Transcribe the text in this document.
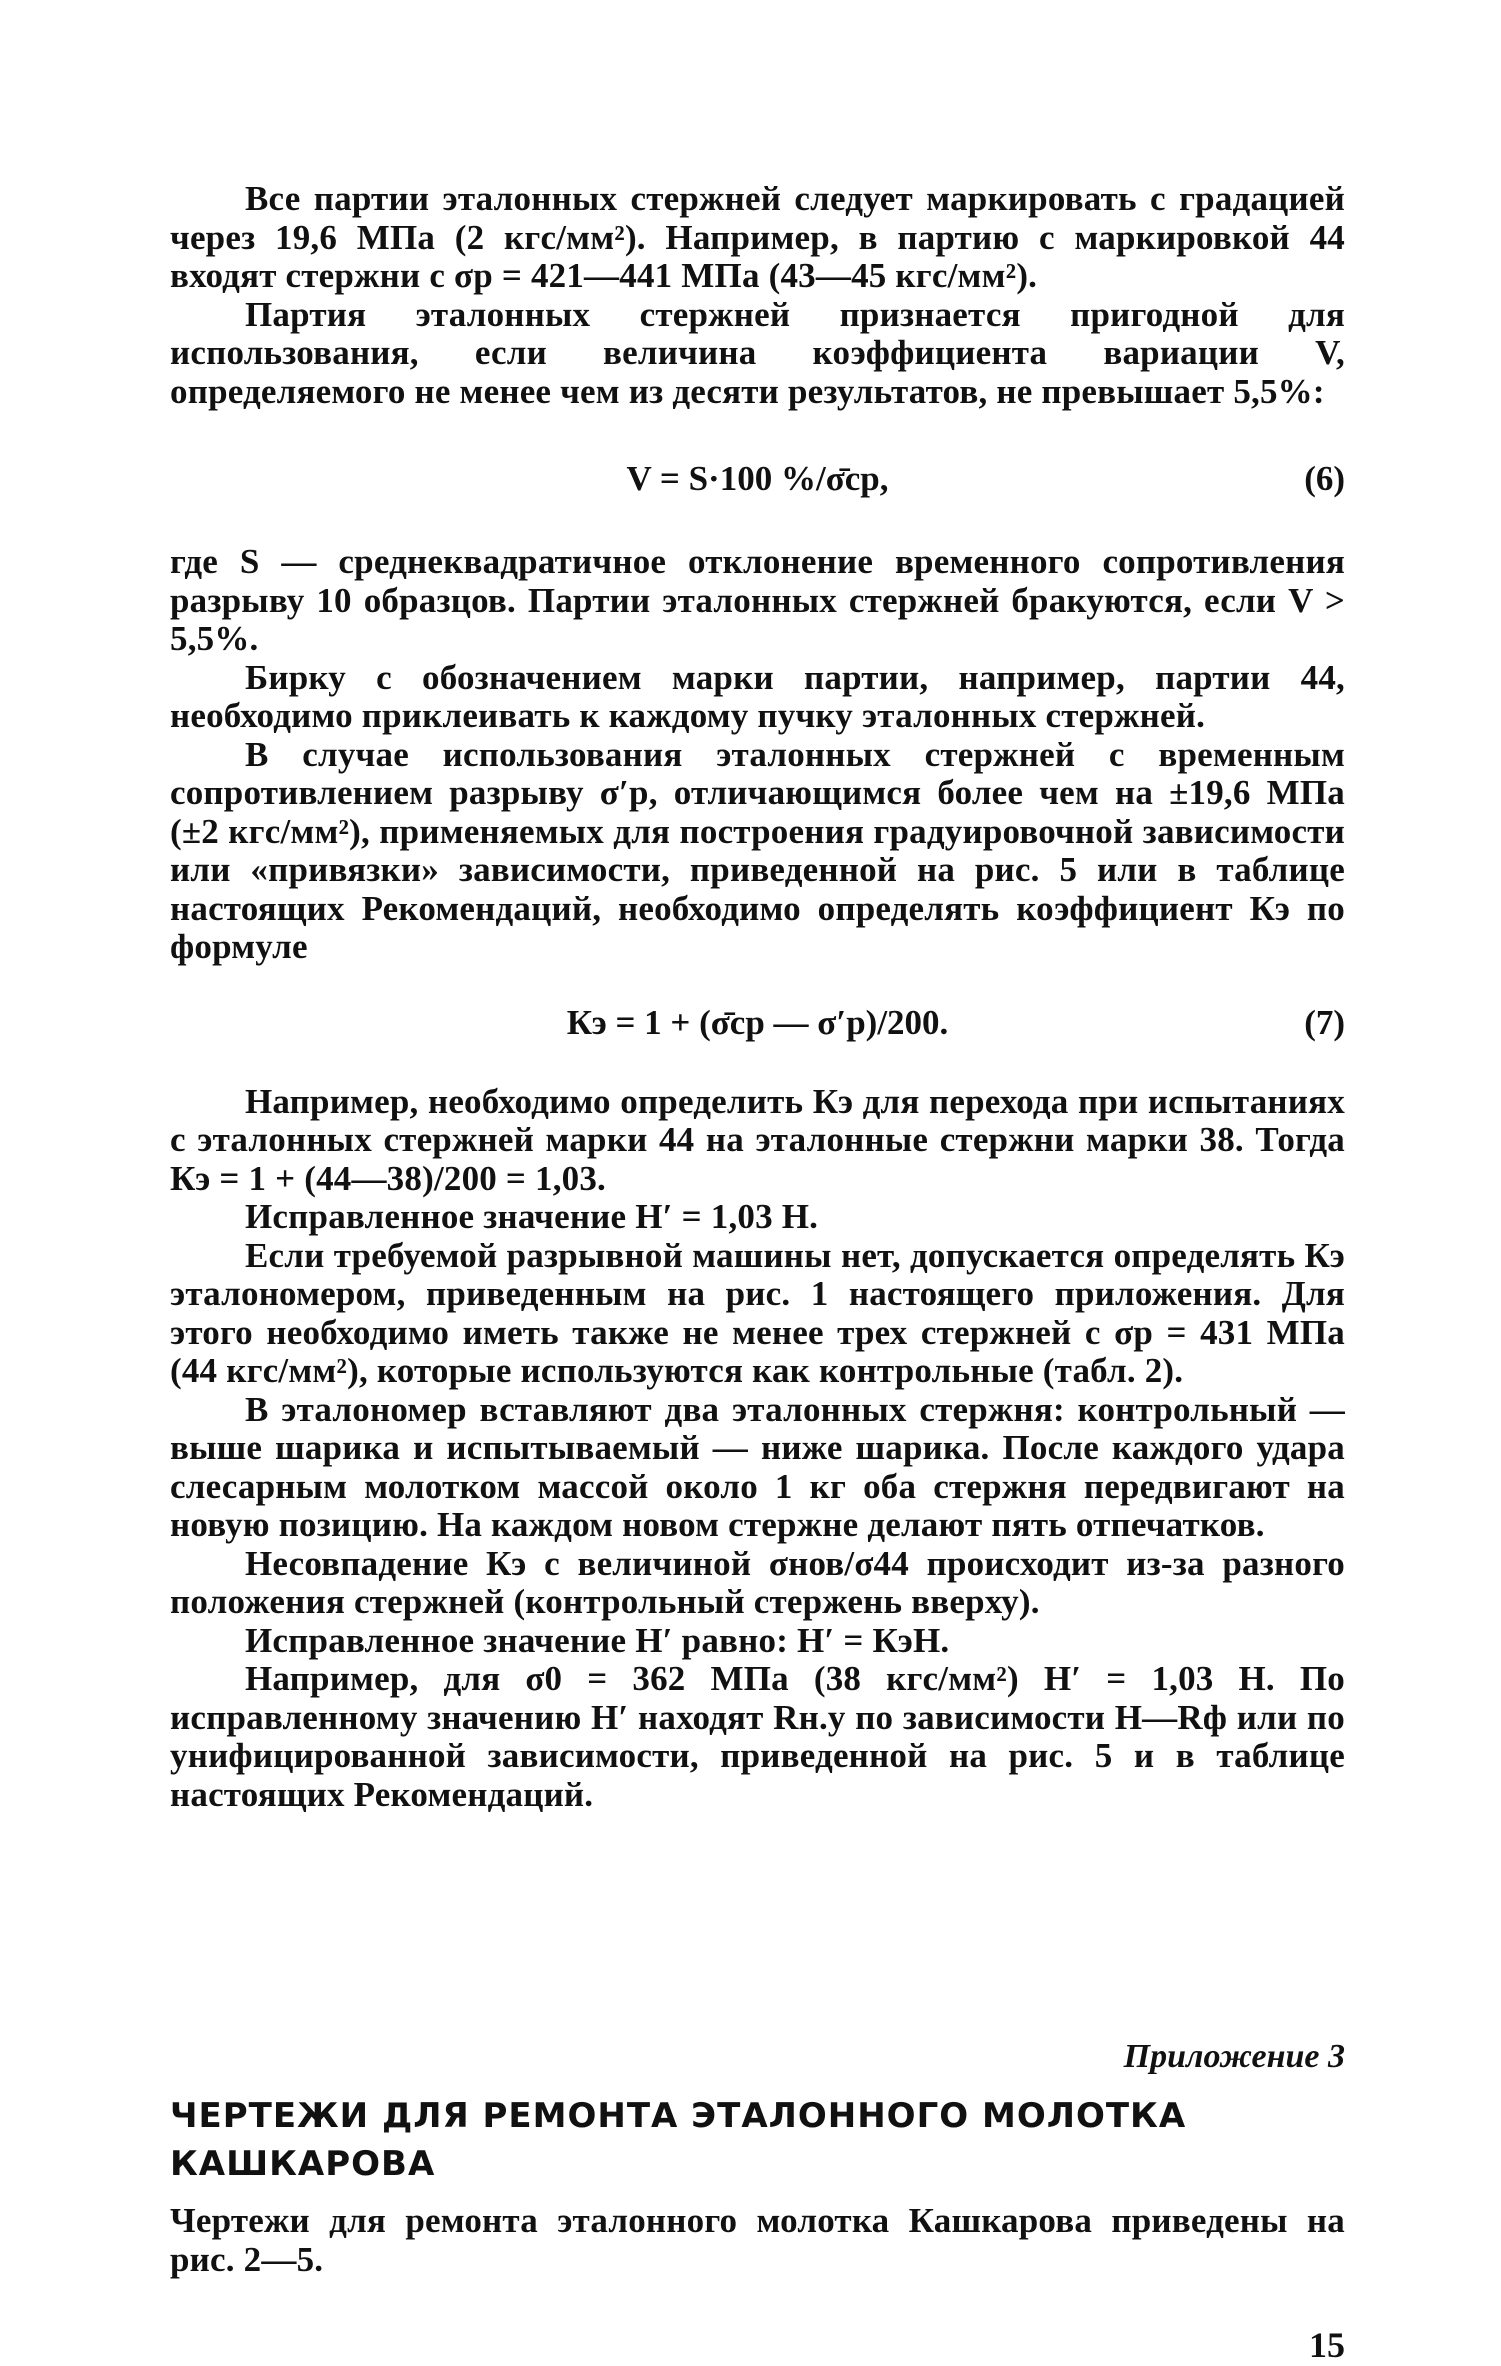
Все партии эталонных стержней следует маркировать с градацией через 19,6 МПа (2 кгс/мм²). Например, в партию с маркировкой 44 входят стержни с σр = 421—441 МПа (43—45 кгс/мм²).

Партия эталонных стержней признается пригодной для использования, если величина коэффициента вариации V, определяемого не менее чем из десяти результатов, не превышает 5,5%:

V = S·100 %/σ̄ср,	(6)

где S — среднеквадратичное отклонение временного сопротивления разрыву 10 образцов. Партии эталонных стержней бракуются, если V > 5,5%.

Бирку с обозначением марки партии, например, партии 44, необходимо приклеивать к каждому пучку эталонных стержней.

В случае использования эталонных стержней с временным сопротивлением разрыву σ′р, отличающимся более чем на ±19,6 МПа (±2 кгс/мм²), применяемых для построения градуировочной зависимости или «привязки» зависимости, приведенной на рис. 5 или в таблице настоящих Рекомендаций, необходимо определять коэффициент Кэ по формуле

Кэ = 1 + (σ̄ср — σ′р)/200.	(7)

Например, необходимо определить Кэ для перехода при испытаниях с эталонных стержней марки 44 на эталонные стержни марки 38. Тогда Кэ = 1 + (44—38)/200 = 1,03.

Исправленное значение H′ = 1,03 Н.

Если требуемой разрывной машины нет, допускается определять Кэ эталономером, приведенным на рис. 1 настоящего приложения. Для этого необходимо иметь также не менее трех стержней с σр = 431 МПа (44 кгс/мм²), которые используются как контрольные (табл. 2).

В эталономер вставляют два эталонных стержня: контрольный — выше шарика и испытываемый — ниже шарика. После каждого удара слесарным молотком массой около 1 кг оба стержня передвигают на новую позицию. На каждом новом стержне делают пять отпечатков.

Несовпадение Кэ с величиной σнов/σ44 происходит из-за разного положения стержней (контрольный стержень вверху).

Исправленное значение H′ равно: H′ = КэH.

Например, для σ0 = 362 МПа (38 кгс/мм²) H′ = 1,03 Н. По исправленному значению H′ находят Rн.у по зависимости H—Rф или по унифицированной зависимости, приведенной на рис. 5 и в таблице настоящих Рекомендаций.

Приложение 3
ЧЕРТЕЖИ ДЛЯ РЕМОНТА ЭТАЛОННОГО МОЛОТКА КАШКАРОВА

Чертежи для ремонта эталонного молотка Кашкарова приведены на рис. 2—5.

15
